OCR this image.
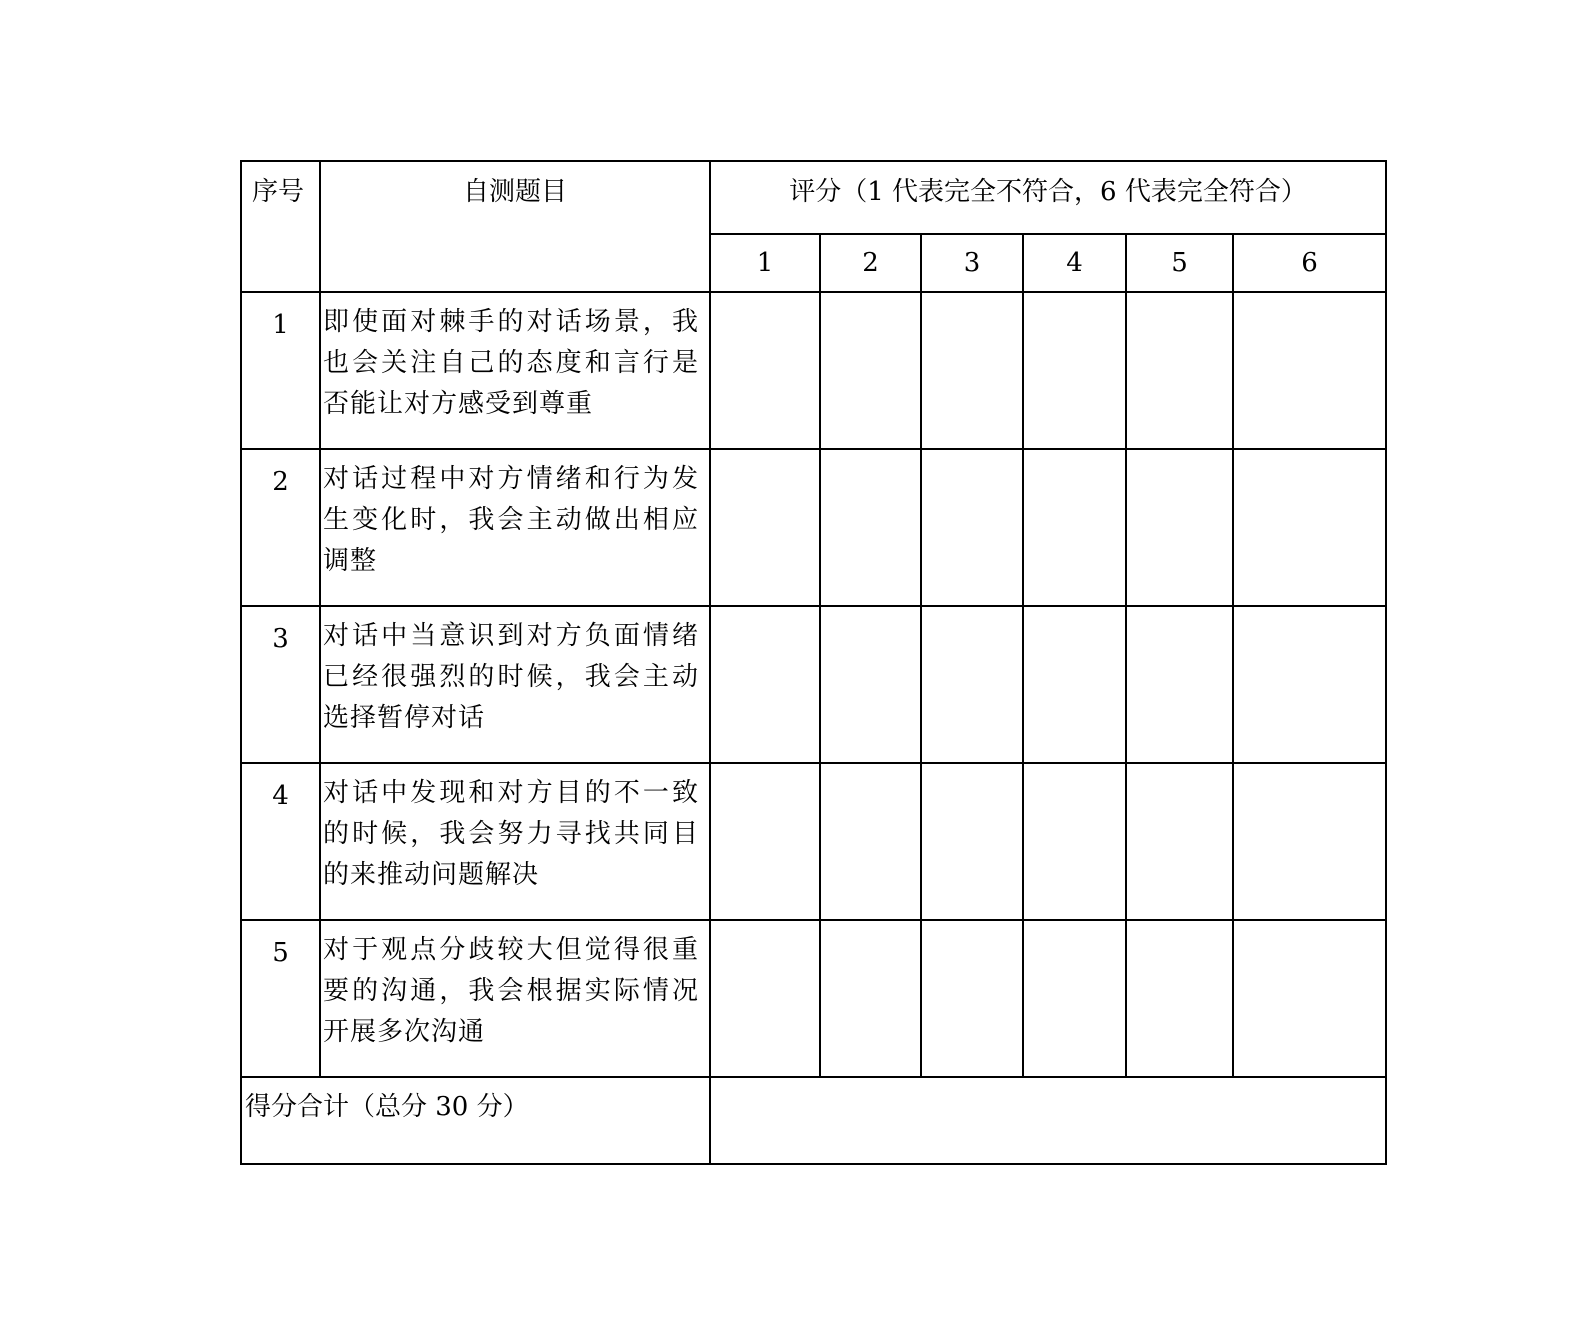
序号	自测题目	评分（1 代表完全不符合，6 代表完全符合）					
		1	2	3	4	5	6
1	即使面对棘手的对话场景，我也会关注自己的态度和言行是否能让对方感受到尊重						
2	对话过程中对方情绪和行为发生变化时，我会主动做出相应调整						
3	对话中当意识到对方负面情绪已经很强烈的时候，我会主动选择暂停对话						
4	对话中发现和对方目的不一致的时候，我会努力寻找共同目的来推动问题解决						
5	对于观点分歧较大但觉得很重要的沟通，我会根据实际情况开展多次沟通						
得分合计（总分 30 分）							
